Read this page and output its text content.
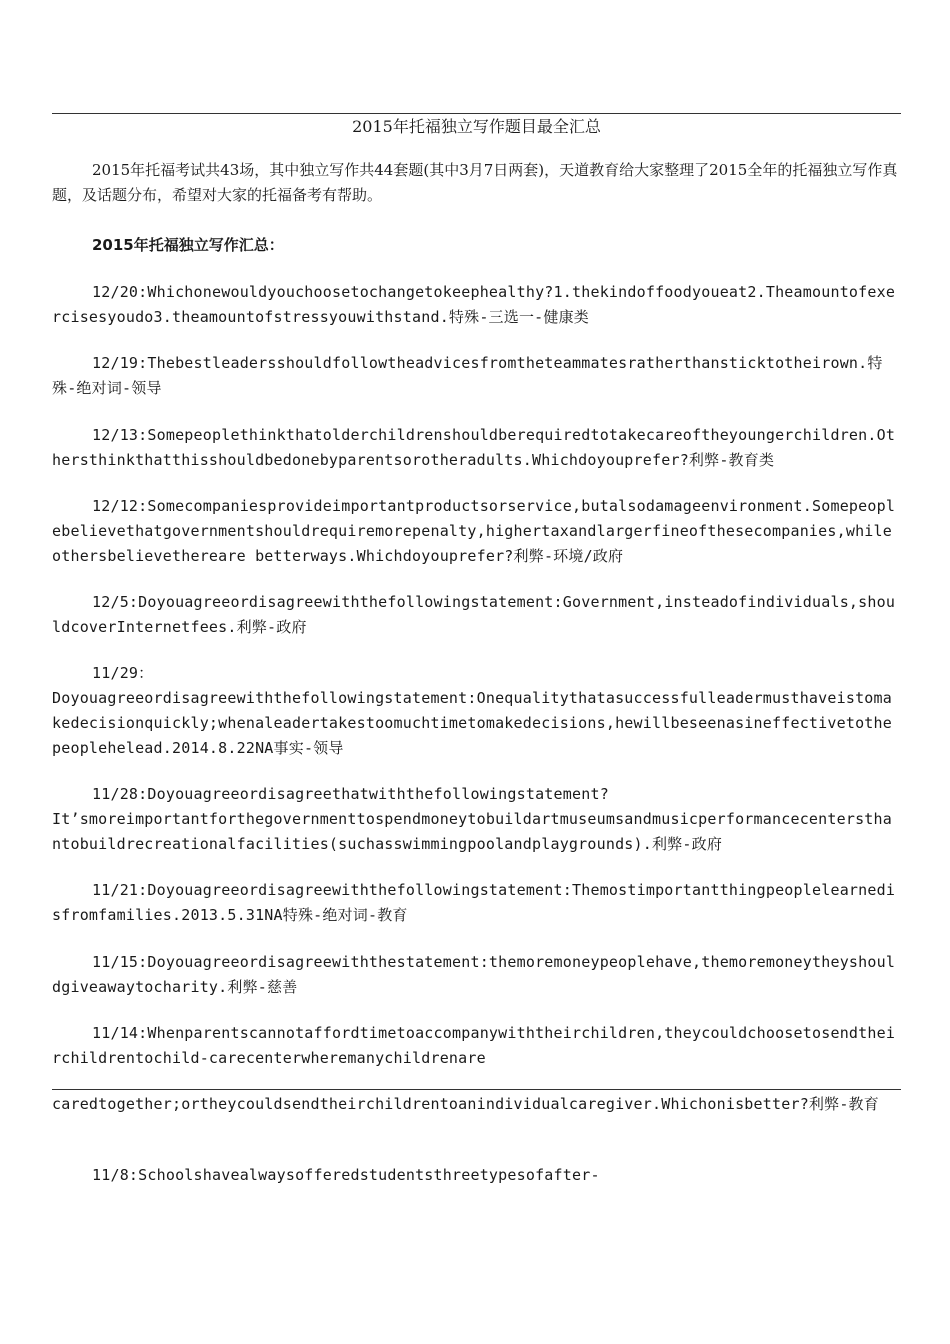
2015年托福独立写作题目最全汇总
2015年托福考试共43场，其中独立写作共44套题(其中3月7日两套)，天道教育给大家整理了2015全年的托福独立写作真题，及话题分布，希望对大家的托福备考有帮助。
2015年托福独立写作汇总：
12/20:Whichonewouldyouchoosetochangetokeephealthy?1.thekindoffoodyoueat2.Theamountofexercisesyoudo3.theamountofstressyouwithstand.特殊-三选一-健康类
12/19:Thebestleadersshouldfollowtheadvicesfromtheteammatesratherthansticktotheirown.特殊-绝对词-领导
12/13:Somepeoplethinkthatolderchildrenshouldberequiredtotakecareoftheyoungerchildren.Othersthinkthatthisshouldbedonebyparentsorotheradults.Whichdoyouprefer?利弊-教育类
12/12:Somecompaniesprovideimportantproductsorservice,butalsodamageenvironment.Somepeoplebelievethatgovernmentshouldrequiremorepenalty,highertaxandlargerfineofthesecompanies,whileothersbelievethereare betterways.Whichdoyouprefer?利弊-环境/政府
12/5:Doyouagreeordisagreewiththefollowingstatement:Government,insteadofindividuals,shouldcoverInternetfees.利弊-政府
11/29：
Doyouagreeordisagreewiththefollowingstatement:Onequalitythatasuccessfulleadermusthaveistomakedecisionquickly;whenaleadertakestoomuchtimetomakedecisions,hewillbeseenasineffectivetothepeoplehelead.2014.8.22NA事实-领导
11/28:Doyouagreeordisagreethatwiththefollowingstatement?
It’smoreimportantforthegovernmenttospendmoneytobuildartmuseumsandmusicperformancecentersthantobuildrecreationalfacilities(suchasswimmingpoolandplaygrounds).利弊-政府
11/21:Doyouagreeordisagreewiththefollowingstatement:Themostimportantthingpeoplelearnedisfromfamilies.2013.5.31NA特殊-绝对词-教育
11/15:Doyouagreeordisagreewiththestatement:themoremoneypeoplehave,themoremoneytheyshouldgiveawaytocharity.利弊-慈善
11/14:Whenparentscannotaffordtimetoaccompanywiththeirchildren,theycouldchoosetosendtheirchildrentochild-carecenterwheremanychildrenare
caredtogether;ortheycouldsendtheirchildrentoanindividualcaregiver.Whichonisbetter?利弊-教育
11/8:Schoolshavealwaysofferedstudentsthreetypesofafter-
